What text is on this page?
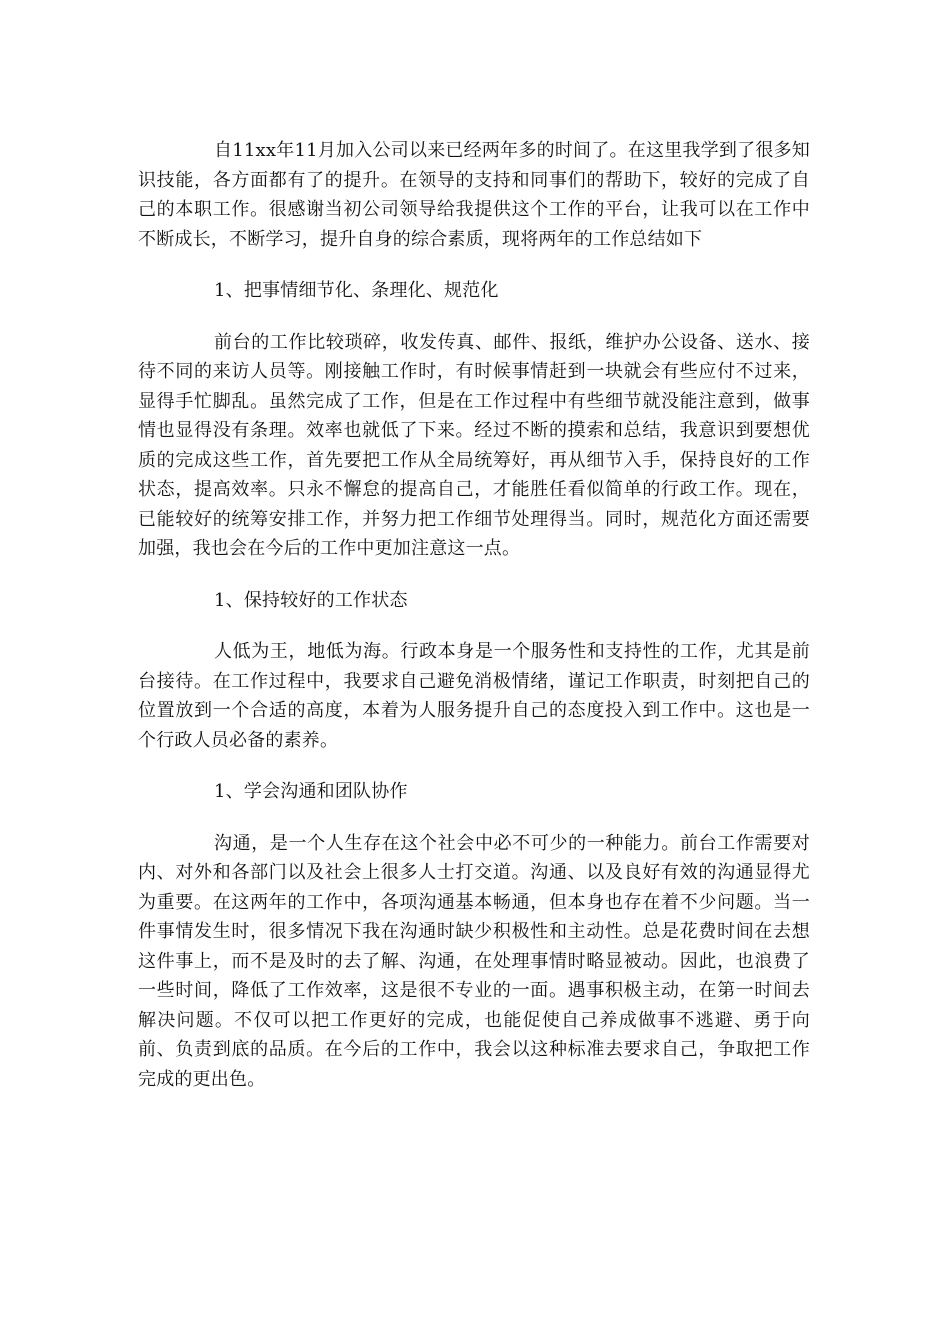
自11xx年11月加入公司以来已经两年多的时间了。在这里我学到了很多知识技能，各方面都有了的提升。在领导的支持和同事们的帮助下，较好的完成了自己的本职工作。很感谢当初公司领导给我提供这个工作的平台，让我可以在工作中不断成长，不断学习，提升自身的综合素质，现将两年的工作总结如下

1、把事情细节化、条理化、规范化

前台的工作比较琐碎，收发传真、邮件、报纸，维护办公设备、送水、接待不同的来访人员等。刚接触工作时，有时候事情赶到一块就会有些应付不过来，显得手忙脚乱。虽然完成了工作，但是在工作过程中有些细节就没能注意到，做事情也显得没有条理。效率也就低了下来。经过不断的摸索和总结，我意识到要想优质的完成这些工作，首先要把工作从全局统筹好，再从细节入手，保持良好的工作状态，提高效率。只永不懈怠的提高自己，才能胜任看似简单的行政工作。现在，已能较好的统筹安排工作，并努力把工作细节处理得当。同时，规范化方面还需要加强，我也会在今后的工作中更加注意这一点。

1、保持较好的工作状态

人低为王，地低为海。行政本身是一个服务性和支持性的工作，尤其是前台接待。在工作过程中，我要求自己避免消极情绪，谨记工作职责，时刻把自己的位置放到一个合适的高度，本着为人服务提升自己的态度投入到工作中。这也是一个行政人员必备的素养。

1、学会沟通和团队协作

沟通，是一个人生存在这个社会中必不可少的一种能力。前台工作需要对内、对外和各部门以及社会上很多人士打交道。沟通、以及良好有效的沟通显得尤为重要。在这两年的工作中，各项沟通基本畅通，但本身也存在着不少问题。当一件事情发生时，很多情况下我在沟通时缺少积极性和主动性。总是花费时间在去想这件事上，而不是及时的去了解、沟通，在处理事情时略显被动。因此，也浪费了一些时间，降低了工作效率，这是很不专业的一面。遇事积极主动，在第一时间去解决问题。不仅可以把工作更好的完成，也能促使自己养成做事不逃避、勇于向前、负责到底的品质。在今后的工作中，我会以这种标准去要求自己，争取把工作完成的更出色。
